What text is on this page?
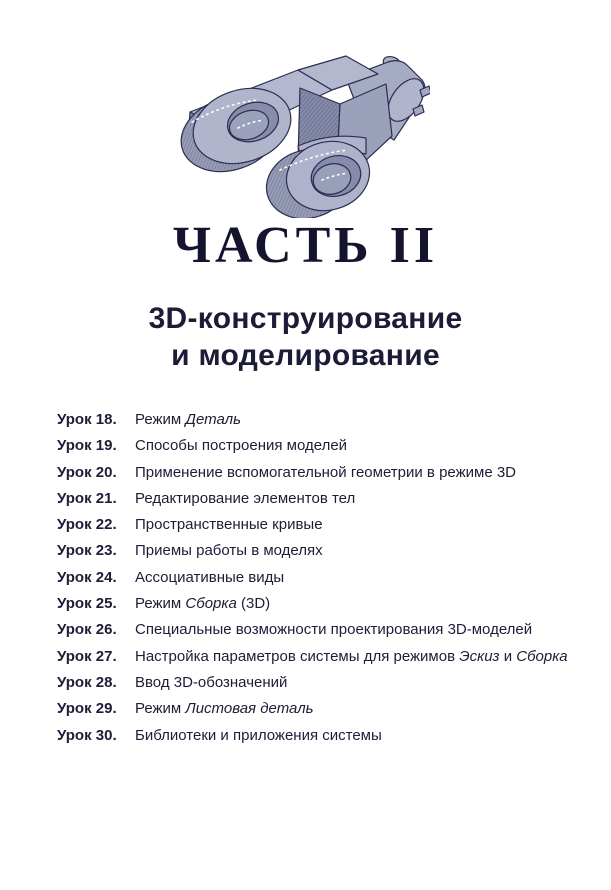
ЧАСТЬ II
3D-конструирование
и моделирование
Урок 18.	Режим Деталь
Урок 19.	Способы построения моделей
Урок 20.	Применение вспомогательной геометрии в режиме 3D
Урок 21.	Редактирование элементов тел
Урок 22.	Пространственные кривые
Урок 23.	Приемы работы в моделях
Урок 24.	Ассоциативные виды
Урок 25.	Режим Сборка (3D)
Урок 26.	Специальные возможности проектирования 3D-моделей
Урок 27.	Настройка параметров системы для режимов Эскиз и Сборка
Урок 28.	Ввод 3D-обозначений
Урок 29.	Режим Листовая деталь
Урок 30.	Библиотеки и приложения системы
